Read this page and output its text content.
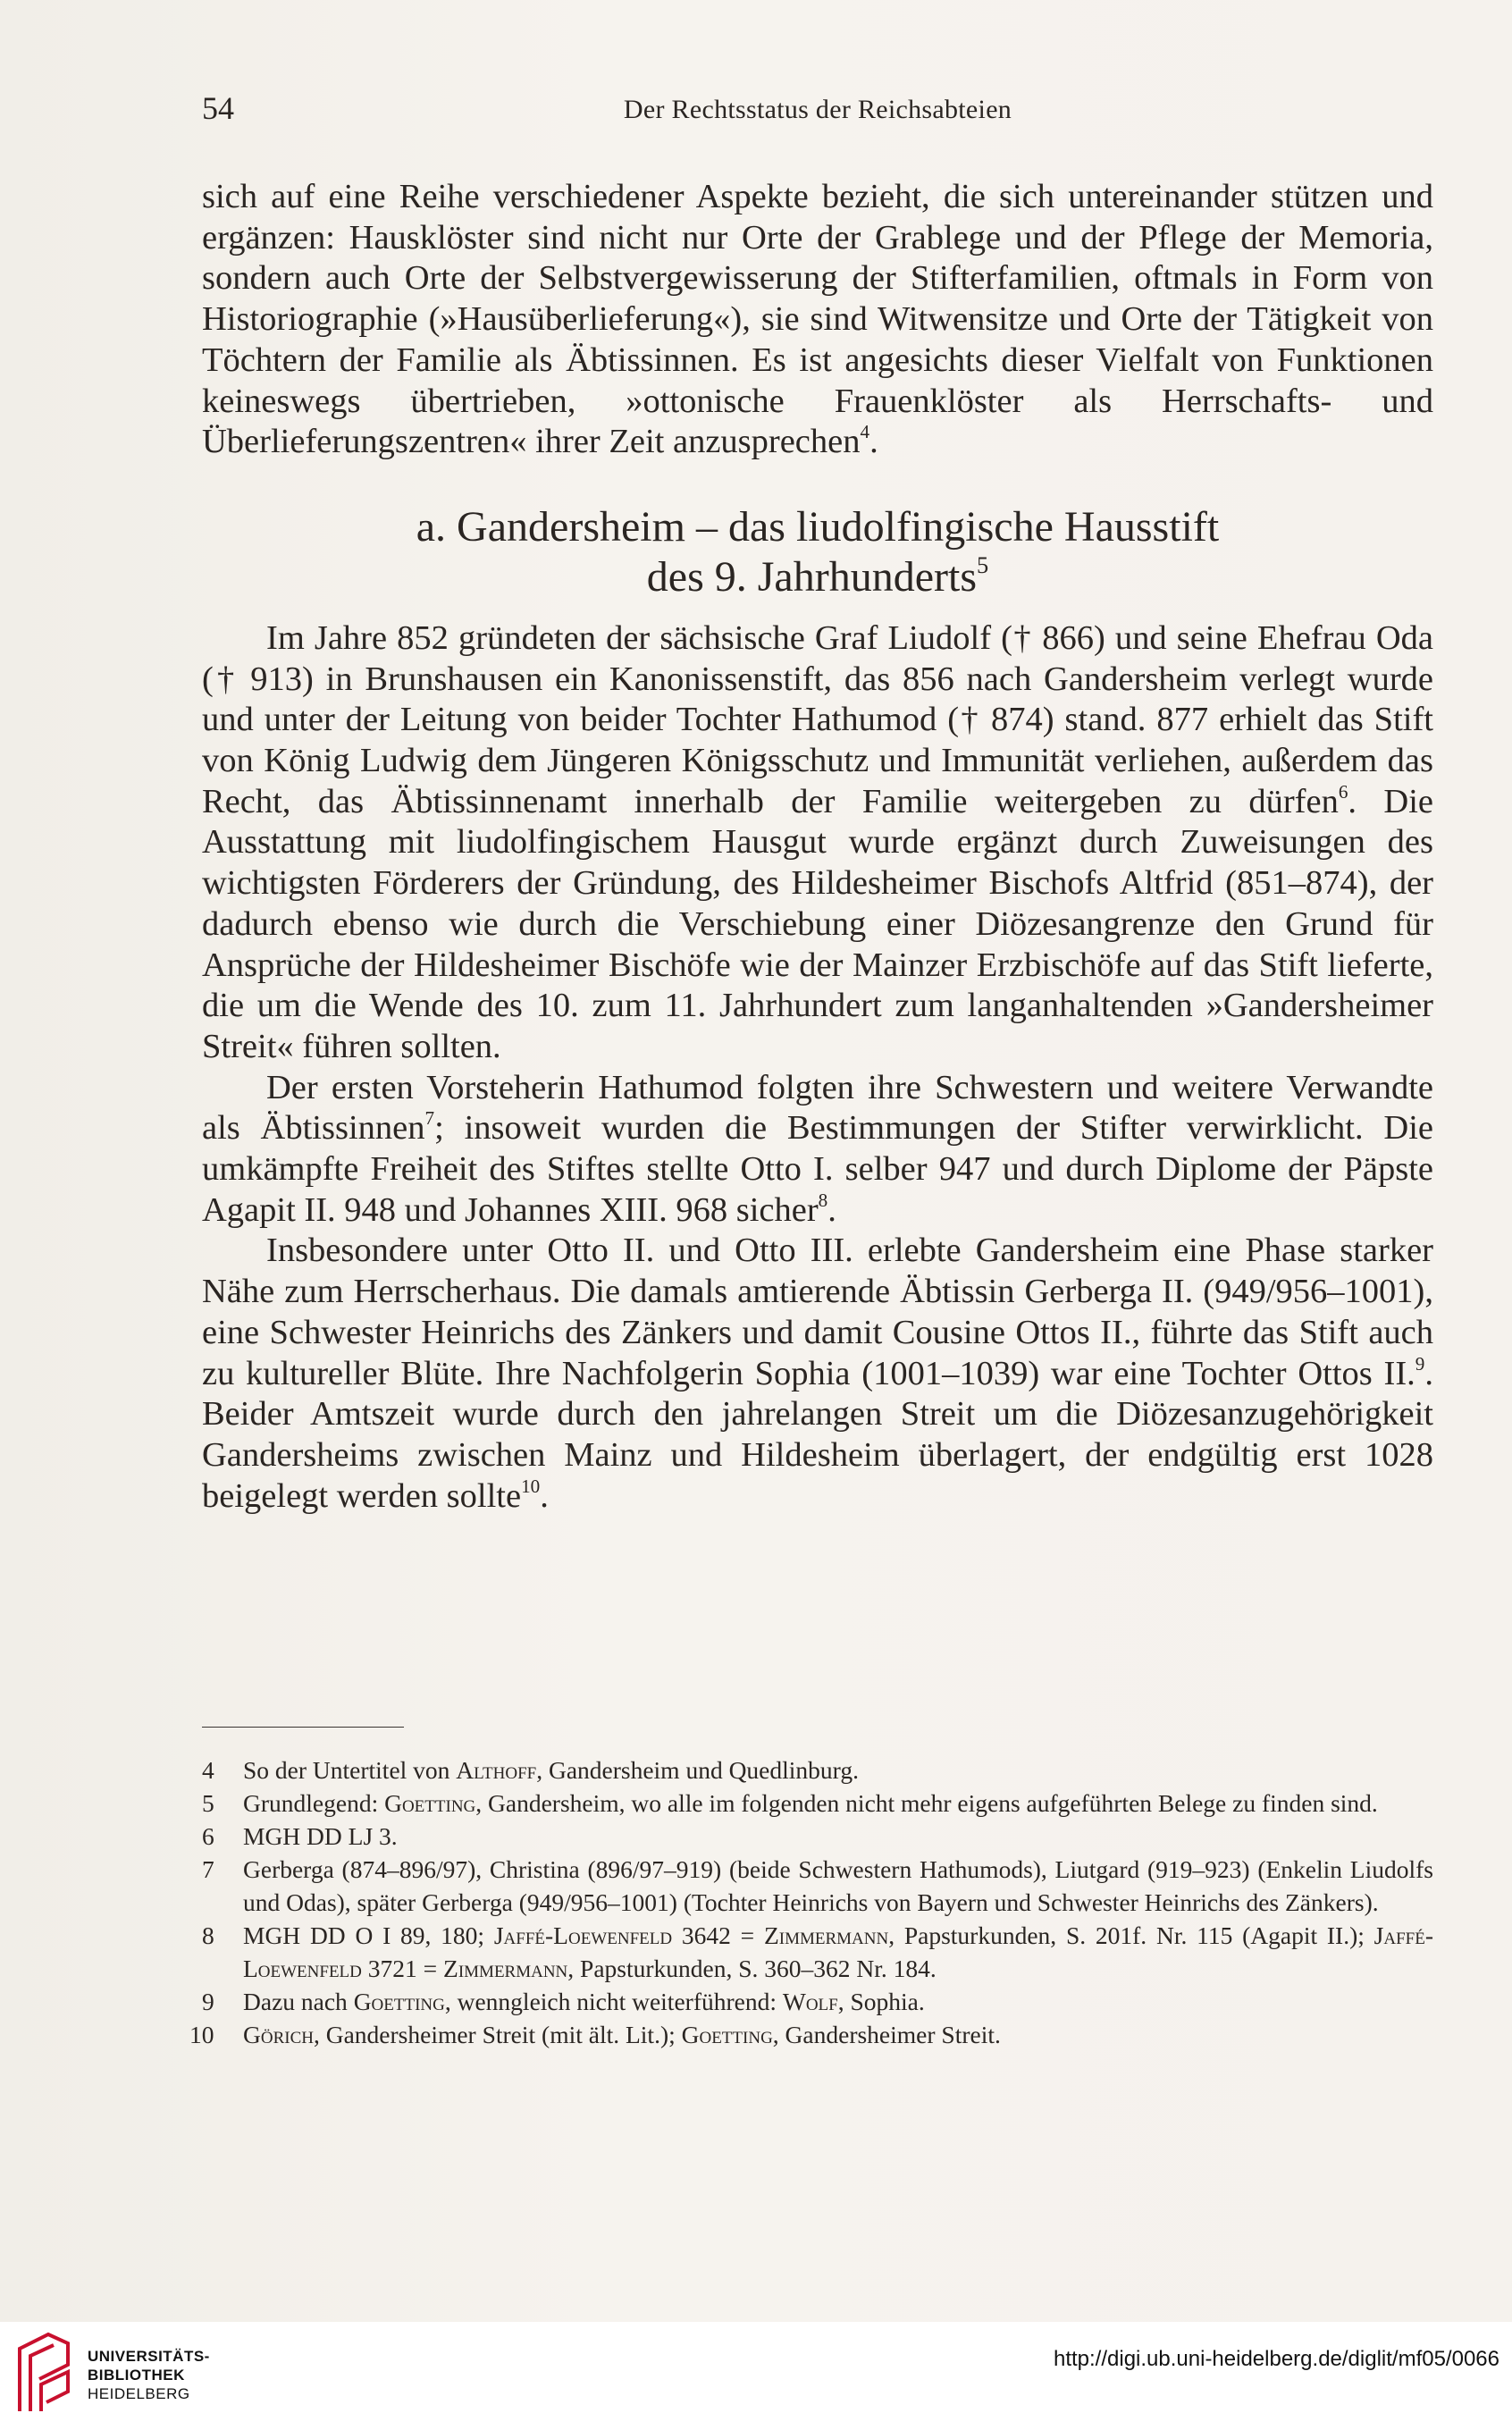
54	Der Rechtsstatus der Reichsabteien

sich auf eine Reihe verschiedener Aspekte bezieht, die sich untereinander stützen und ergänzen: Hausklöster sind nicht nur Orte der Grablege und der Pflege der Memoria, sondern auch Orte der Selbstvergewisserung der Stifterfamilien, oftmals in Form von Historiographie (»Hausüberlieferung«), sie sind Witwensitze und Orte der Tätigkeit von Töchtern der Familie als Äbtissinnen. Es ist angesichts dieser Vielfalt von Funktionen keineswegs übertrieben, »ottonische Frauenklöster als Herrschafts- und Überlieferungszentren« ihrer Zeit anzusprechen$^4$.

a. Gandersheim – das liudolfingische Hausstift
des 9. Jahrhunderts$^5$

Im Jahre 852 gründeten der sächsische Graf Liudolf († 866) und seine Ehefrau Oda († 913) in Brunshausen ein Kanonissenstift, das 856 nach Gandersheim verlegt wurde und unter der Leitung von beider Tochter Hathumod († 874) stand. 877 erhielt das Stift von König Ludwig dem Jüngeren Königsschutz und Immunität verliehen, außerdem das Recht, das Äbtissinnenamt innerhalb der Familie weitergeben zu dürfen$^6$. Die Ausstattung mit liudolfingischem Hausgut wurde ergänzt durch Zuweisungen des wichtigsten Förderers der Gründung, des Hildesheimer Bischofs Altfrid (851–874), der dadurch ebenso wie durch die Verschiebung einer Diözesangrenze den Grund für Ansprüche der Hildesheimer Bischöfe wie der Mainzer Erzbischöfe auf das Stift lieferte, die um die Wende des 10. zum 11. Jahrhundert zum langanhaltenden »Gandersheimer Streit« führen sollten.

Der ersten Vorsteherin Hathumod folgten ihre Schwestern und weitere Verwandte als Äbtissinnen$^7$; insoweit wurden die Bestimmungen der Stifter verwirklicht. Die umkämpfte Freiheit des Stiftes stellte Otto I. selber 947 und durch Diplome der Päpste Agapit II. 948 und Johannes XIII. 968 sicher$^8$.

Insbesondere unter Otto II. und Otto III. erlebte Gandersheim eine Phase starker Nähe zum Herrscherhaus. Die damals amtierende Äbtissin Gerberga II. (949/956–1001), eine Schwester Heinrichs des Zänkers und damit Cousine Ottos II., führte das Stift auch zu kultureller Blüte. Ihre Nachfolgerin Sophia (1001–1039) war eine Tochter Ottos II.$^9$. Beider Amtszeit wurde durch den jahrelangen Streit um die Diözesanzugehörigkeit Gandersheims zwischen Mainz und Hildesheim überlagert, der endgültig erst 1028 beigelegt werden sollte$^{10}$.

4	So der Untertitel von Althoff, Gandersheim und Quedlinburg.
5	Grundlegend: Goetting, Gandersheim, wo alle im folgenden nicht mehr eigens aufgeführten Belege zu finden sind.
6	MGH DD LJ 3.
7	Gerberga (874–896/97), Christina (896/97–919) (beide Schwestern Hathumods), Liutgard (919–923) (Enkelin Liudolfs und Odas), später Gerberga (949/956–1001) (Tochter Heinrichs von Bayern und Schwester Heinrichs des Zänkers).
8	MGH DD O I 89, 180; Jaffé-Loewenfeld 3642 = Zimmermann, Papsturkunden, S. 201f. Nr. 115 (Agapit II.); Jaffé-Loewenfeld 3721 = Zimmermann, Papsturkunden, S. 360–362 Nr. 184.
9	Dazu nach Goetting, wenngleich nicht weiterführend: Wolf, Sophia.
10	Görich, Gandersheimer Streit (mit ält. Lit.); Goetting, Gandersheimer Streit.
UNIVERSITÄTS-
BIBLIOTHEK
HEIDELBERG
http://digi.ub.uni-heidelberg.de/diglit/mf05/0066
